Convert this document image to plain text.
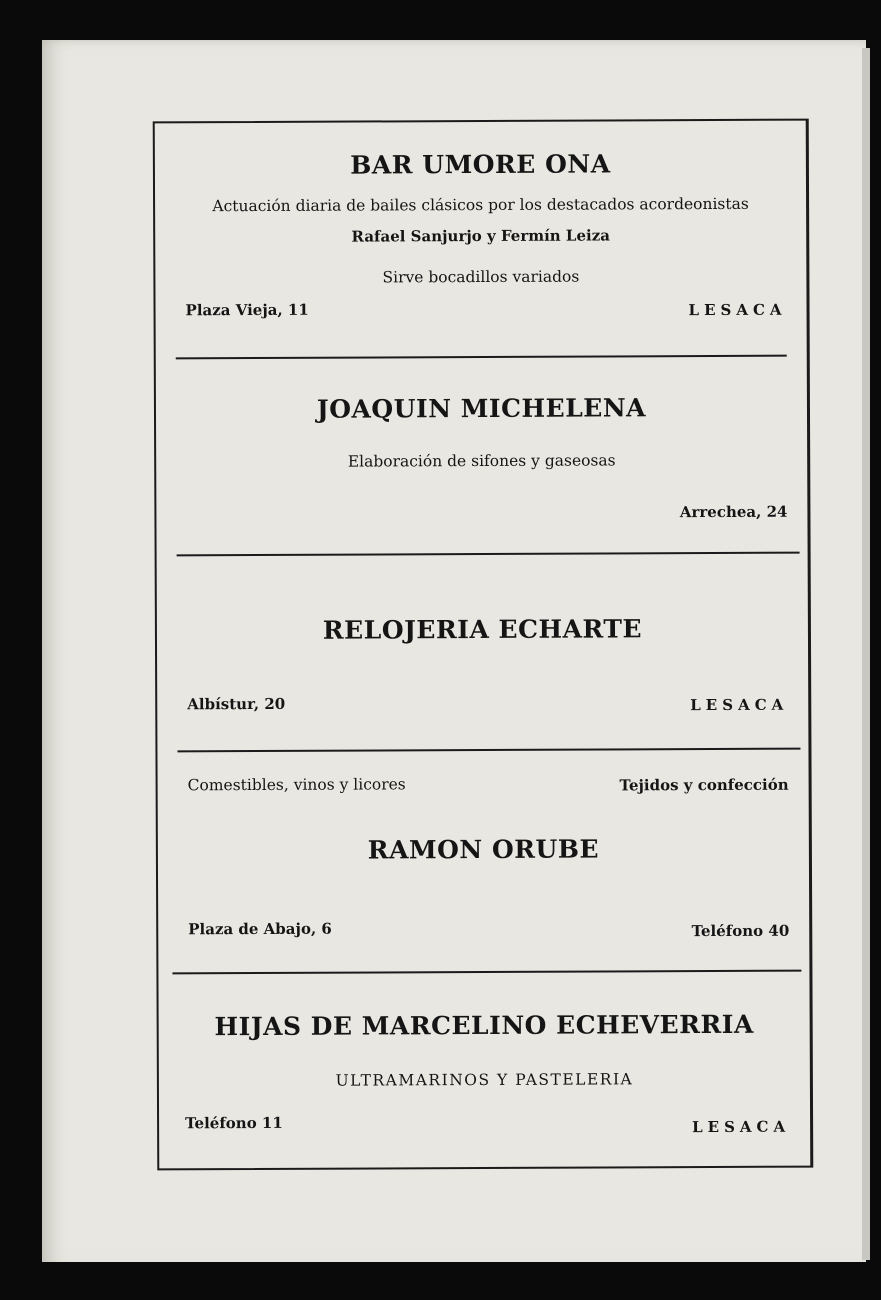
BAR UMORE ONA
Actuación diaria de bailes clásicos por los destacados acordeonistas
Rafael Sanjurjo y Fermín Leiza
Sirve bocadillos variados
Plaza Vieja, 11	LESACA
JOAQUIN MICHELENA
Elaboración de sifones y gaseosas
Arrechea, 24
RELOJERIA ECHARTE
Albístur, 20	LESACA
Comestibles, vinos y licores	Tejidos y confección
RAMON ORUBE
Plaza de Abajo, 6	Teléfono 40
HIJAS DE MARCELINO ECHEVERRIA
ULTRAMARINOS Y PASTELERIA
Teléfono 11	LESACA
